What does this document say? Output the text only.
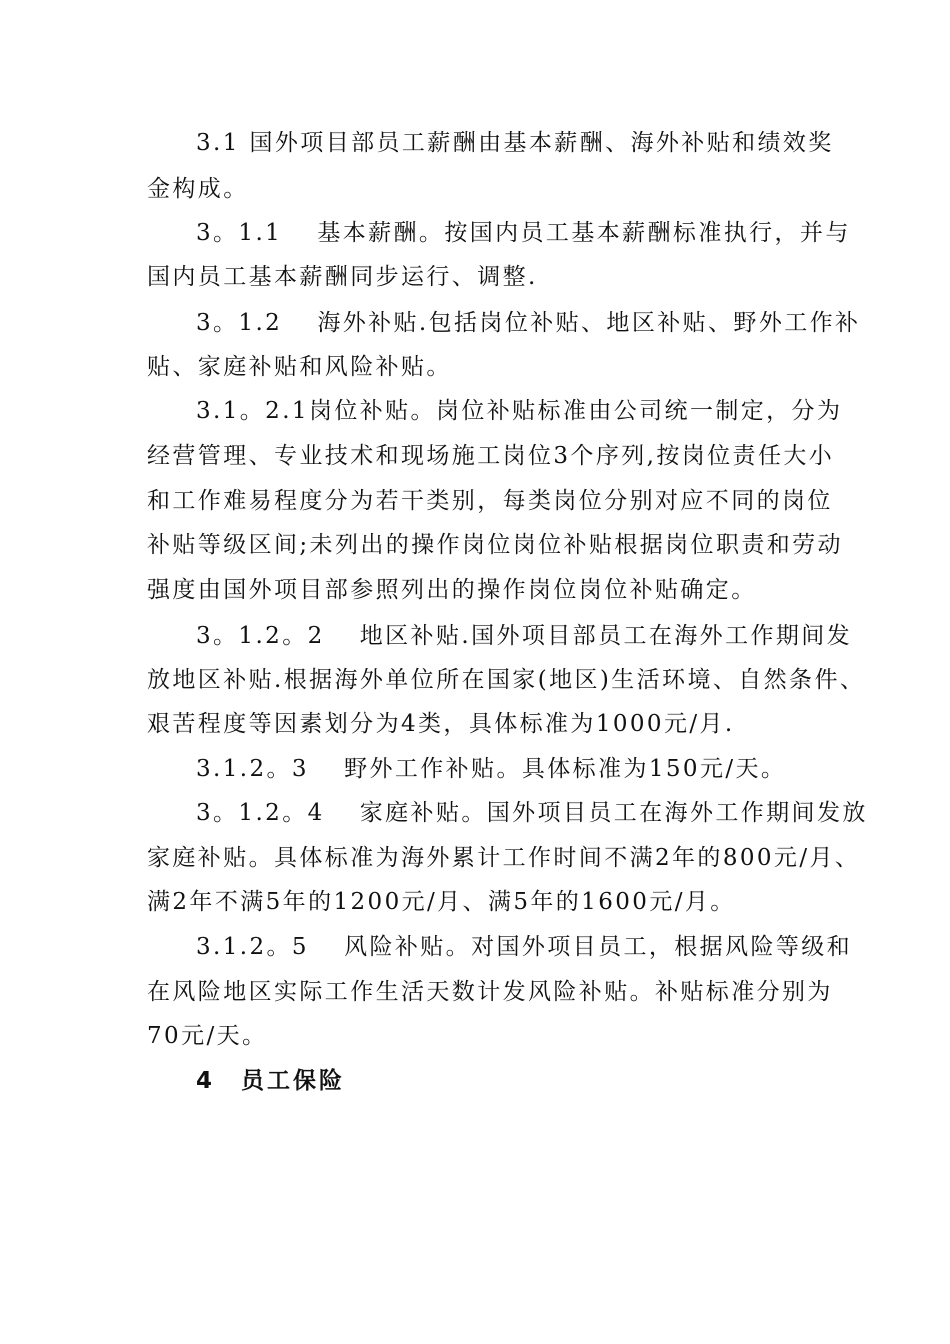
3.1 国外项目部员工薪酬由基本薪酬、海外补贴和绩效奖
金构成。
3。1.1　 基本薪酬。按国内员工基本薪酬标准执行，并与
国内员工基本薪酬同步运行、调整.
3。1.2　 海外补贴.包括岗位补贴、地区补贴、野外工作补
贴、家庭补贴和风险补贴。
3.1。2.1岗位补贴。岗位补贴标准由公司统一制定，分为
经营管理、专业技术和现场施工岗位3个序列,按岗位责任大小
和工作难易程度分为若干类别，每类岗位分别对应不同的岗位
补贴等级区间;未列出的操作岗位岗位补贴根据岗位职责和劳动
强度由国外项目部参照列出的操作岗位岗位补贴确定。
3。1.2。2　 地区补贴.国外项目部员工在海外工作期间发
放地区补贴.根据海外单位所在国家(地区)生活环境、自然条件、
艰苦程度等因素划分为4类，具体标准为1000元/月.
3.1.2。3　 野外工作补贴。具体标准为150元/天。
3。1.2。4　 家庭补贴。国外项目员工在海外工作期间发放
家庭补贴。具体标准为海外累计工作时间不满2年的800元/月、
满2年不满5年的1200元/月、满5年的1600元/月。
3.1.2。5　 风险补贴。对国外项目员工，根据风险等级和
在风险地区实际工作生活天数计发风险补贴。补贴标准分别为
70元/天。
4　员工保险
